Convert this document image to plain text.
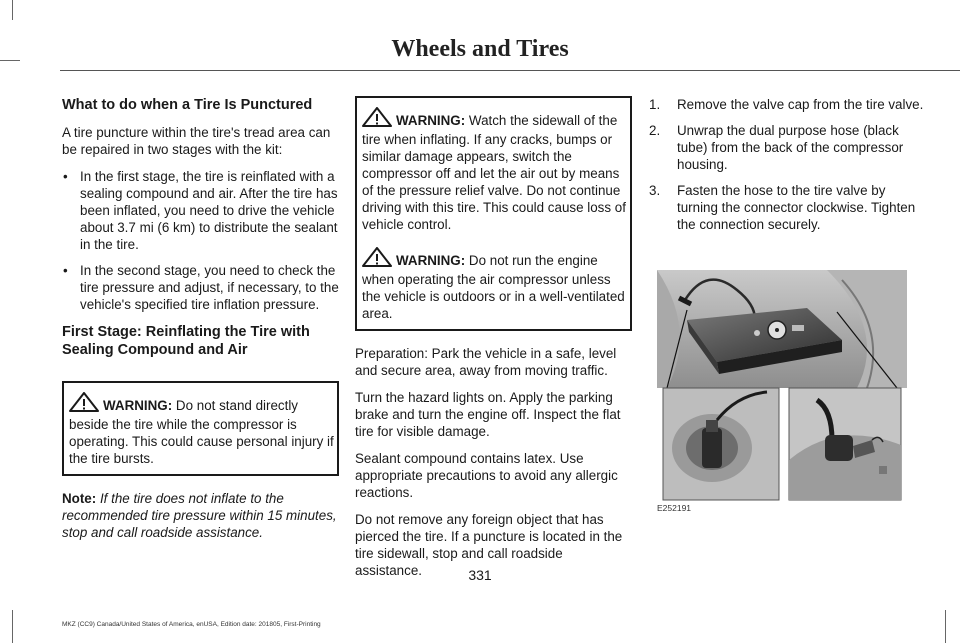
Wheels and Tires
What to do when a Tire Is Punctured

A tire puncture within the tire's tread area can be repaired in two stages with the kit:

• In the first stage, the tire is reinflated with a sealing compound and air. After the tire has been inflated, you need to drive the vehicle about 3.7 mi (6 km) to distribute the sealant in the tire.
• In the second stage, you need to check the tire pressure and adjust, if necessary, to the vehicle's specified tire inflation pressure.
First Stage: Reinflating the Tire with Sealing Compound and Air
WARNING: Do not stand directly beside the tire while the compressor is operating. This could cause personal injury if the tire bursts.

Note: If the tire does not inflate to the recommended tire pressure within 15 minutes, stop and call roadside assistance.

WARNING: Watch the sidewall of the tire when inflating. If any cracks, bumps or similar damage appears, switch the compressor off and let the air out by means of the pressure relief valve. Do not continue driving with this tire. This could cause loss of vehicle control.
WARNING: Do not run the engine when operating the air compressor unless the vehicle is outdoors or in a well-ventilated area.

Preparation: Park the vehicle in a safe, level and secure area, away from moving traffic.

Turn the hazard lights on. Apply the parking brake and turn the engine off. Inspect the flat tire for visible damage.

Sealant compound contains latex. Use appropriate precautions to avoid any allergic reactions.

Do not remove any foreign object that has pierced the tire. If a puncture is located in the tire sidewall, stop and call roadside assistance.

1. Remove the valve cap from the tire valve.
2. Unwrap the dual purpose hose (black tube) from the back of the compressor housing.
3. Fasten the hose to the tire valve by turning the connector clockwise. Tighten the connection securely.
E252191
331
MKZ (CC9) Canada/United States of America, enUSA, Edition date: 201805, First-Printing
